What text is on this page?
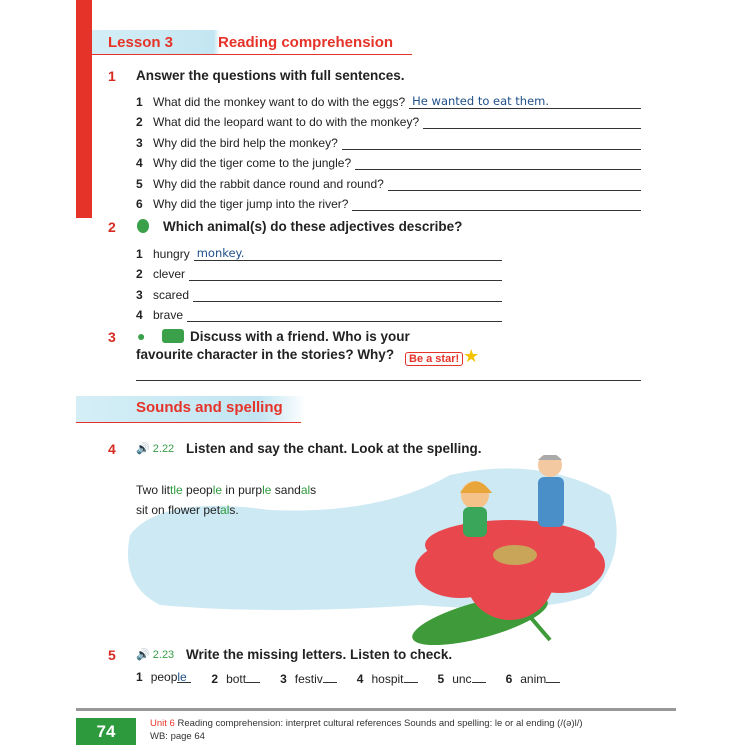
Lesson 3	Reading comprehension
1 Answer the questions with full sentences.
1 What did the monkey want to do with the eggs? He wanted to eat them.
2 What did the leopard want to do with the monkey?
3 Why did the bird help the monkey?
4 Why did the tiger come to the jungle?
5 Why did the rabbit dance round and round?
6 Why did the tiger jump into the river?
2	Which animal(s) do these adjectives describe?
1 hungry monkey.
2 clever
3 scared
4 brave
3 ●	Discuss with a friend. Who is your
favourite character in the stories? Why?	Be a star! ★
Sounds and spelling
4 🔊 2.22 Listen and say the chant. Look at the spelling.
Two little people in purple sandals
sit on flower petals.
5 🔊 2.23 Write the missing letters. Listen to check.
1 people	2 bott	3 festiv	4 hospit	5 unc	6 anim
74	Unit 6 Reading comprehension: interpret cultural references Sounds and spelling: le or al ending (/(ə)l/)
WB: page 64
